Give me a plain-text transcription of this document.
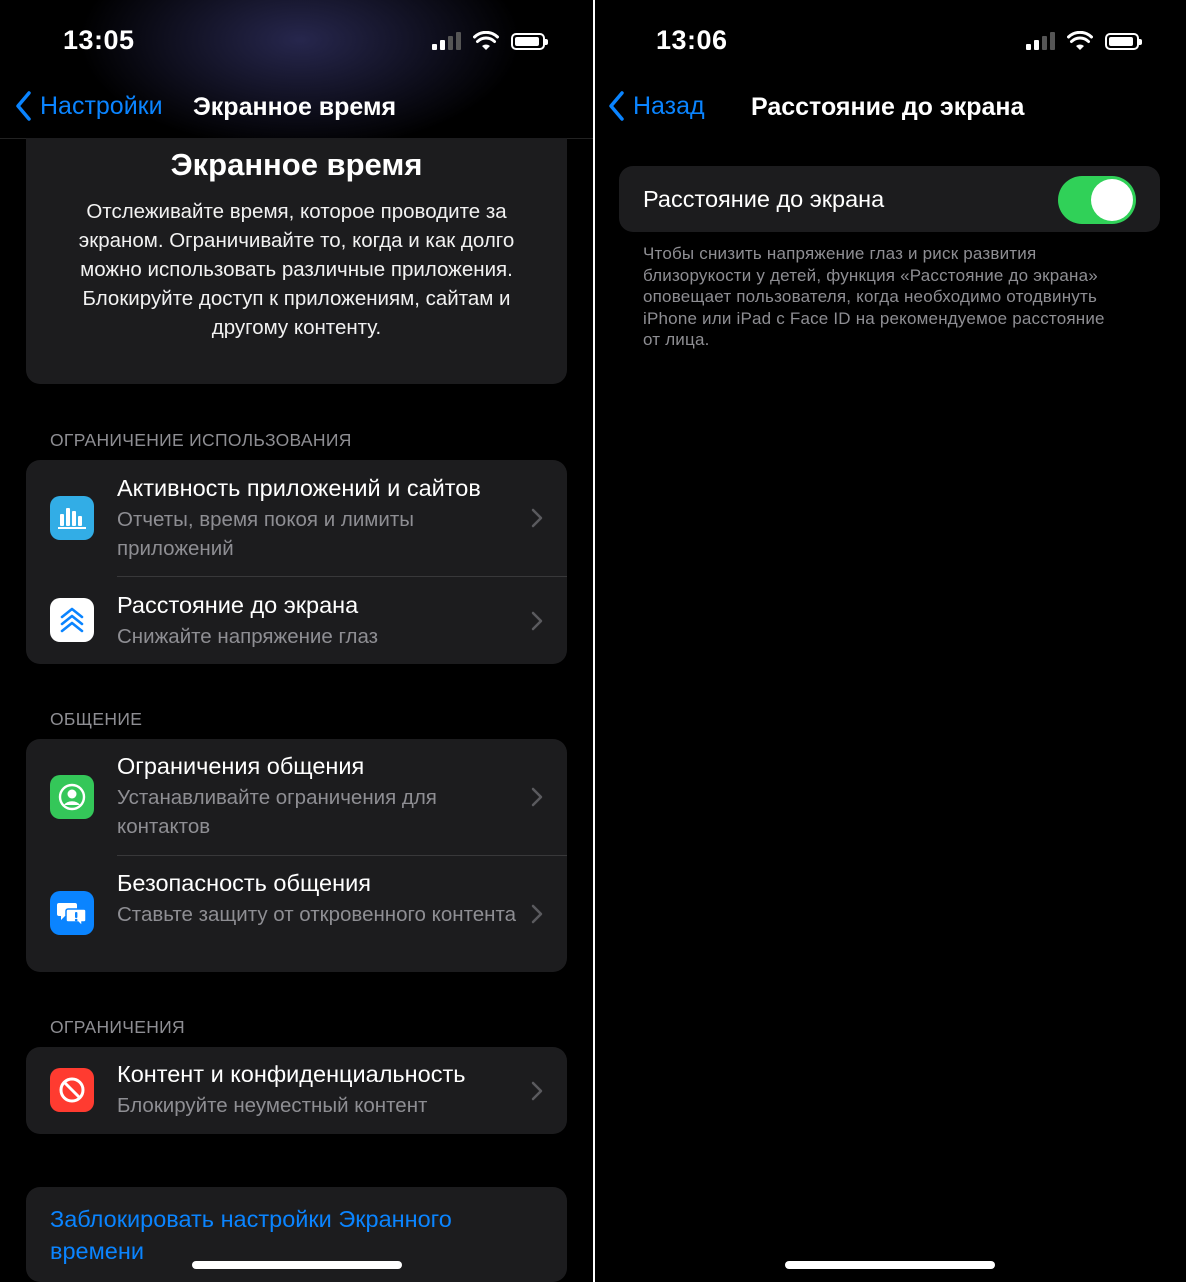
13:05
Настройки Экранное время
Экранное время
Отслеживайте время, которое проводите за экраном. Ограничивайте то, когда и как долго можно использовать различные приложения. Блокируйте доступ к приложениям, сайтам и другому контенту.
ОГРАНИЧЕНИЕ ИСПОЛЬЗОВАНИЯ
Активность приложений и сайтов
Отчеты, время покоя и лимиты приложений
Расстояние до экрана
Снижайте напряжение глаз
ОБЩЕНИЕ
Ограничения общения
Устанавливайте ограничения для контактов
Безопасность общения
Ставьте защиту от откровенного контента
ОГРАНИЧЕНИЯ
Контент и конфиденциальность
Блокируйте неуместный контент
Заблокировать настройки Экранного времени
13:06
Назад Расстояние до экрана
Расстояние до экрана
Чтобы снизить напряжение глаз и риск развития близорукости у детей, функция «Расстояние до экрана» оповещает пользователя, когда необходимо отодвинуть iPhone или iPad с Face ID на рекомендуемое расстояние от лица.
